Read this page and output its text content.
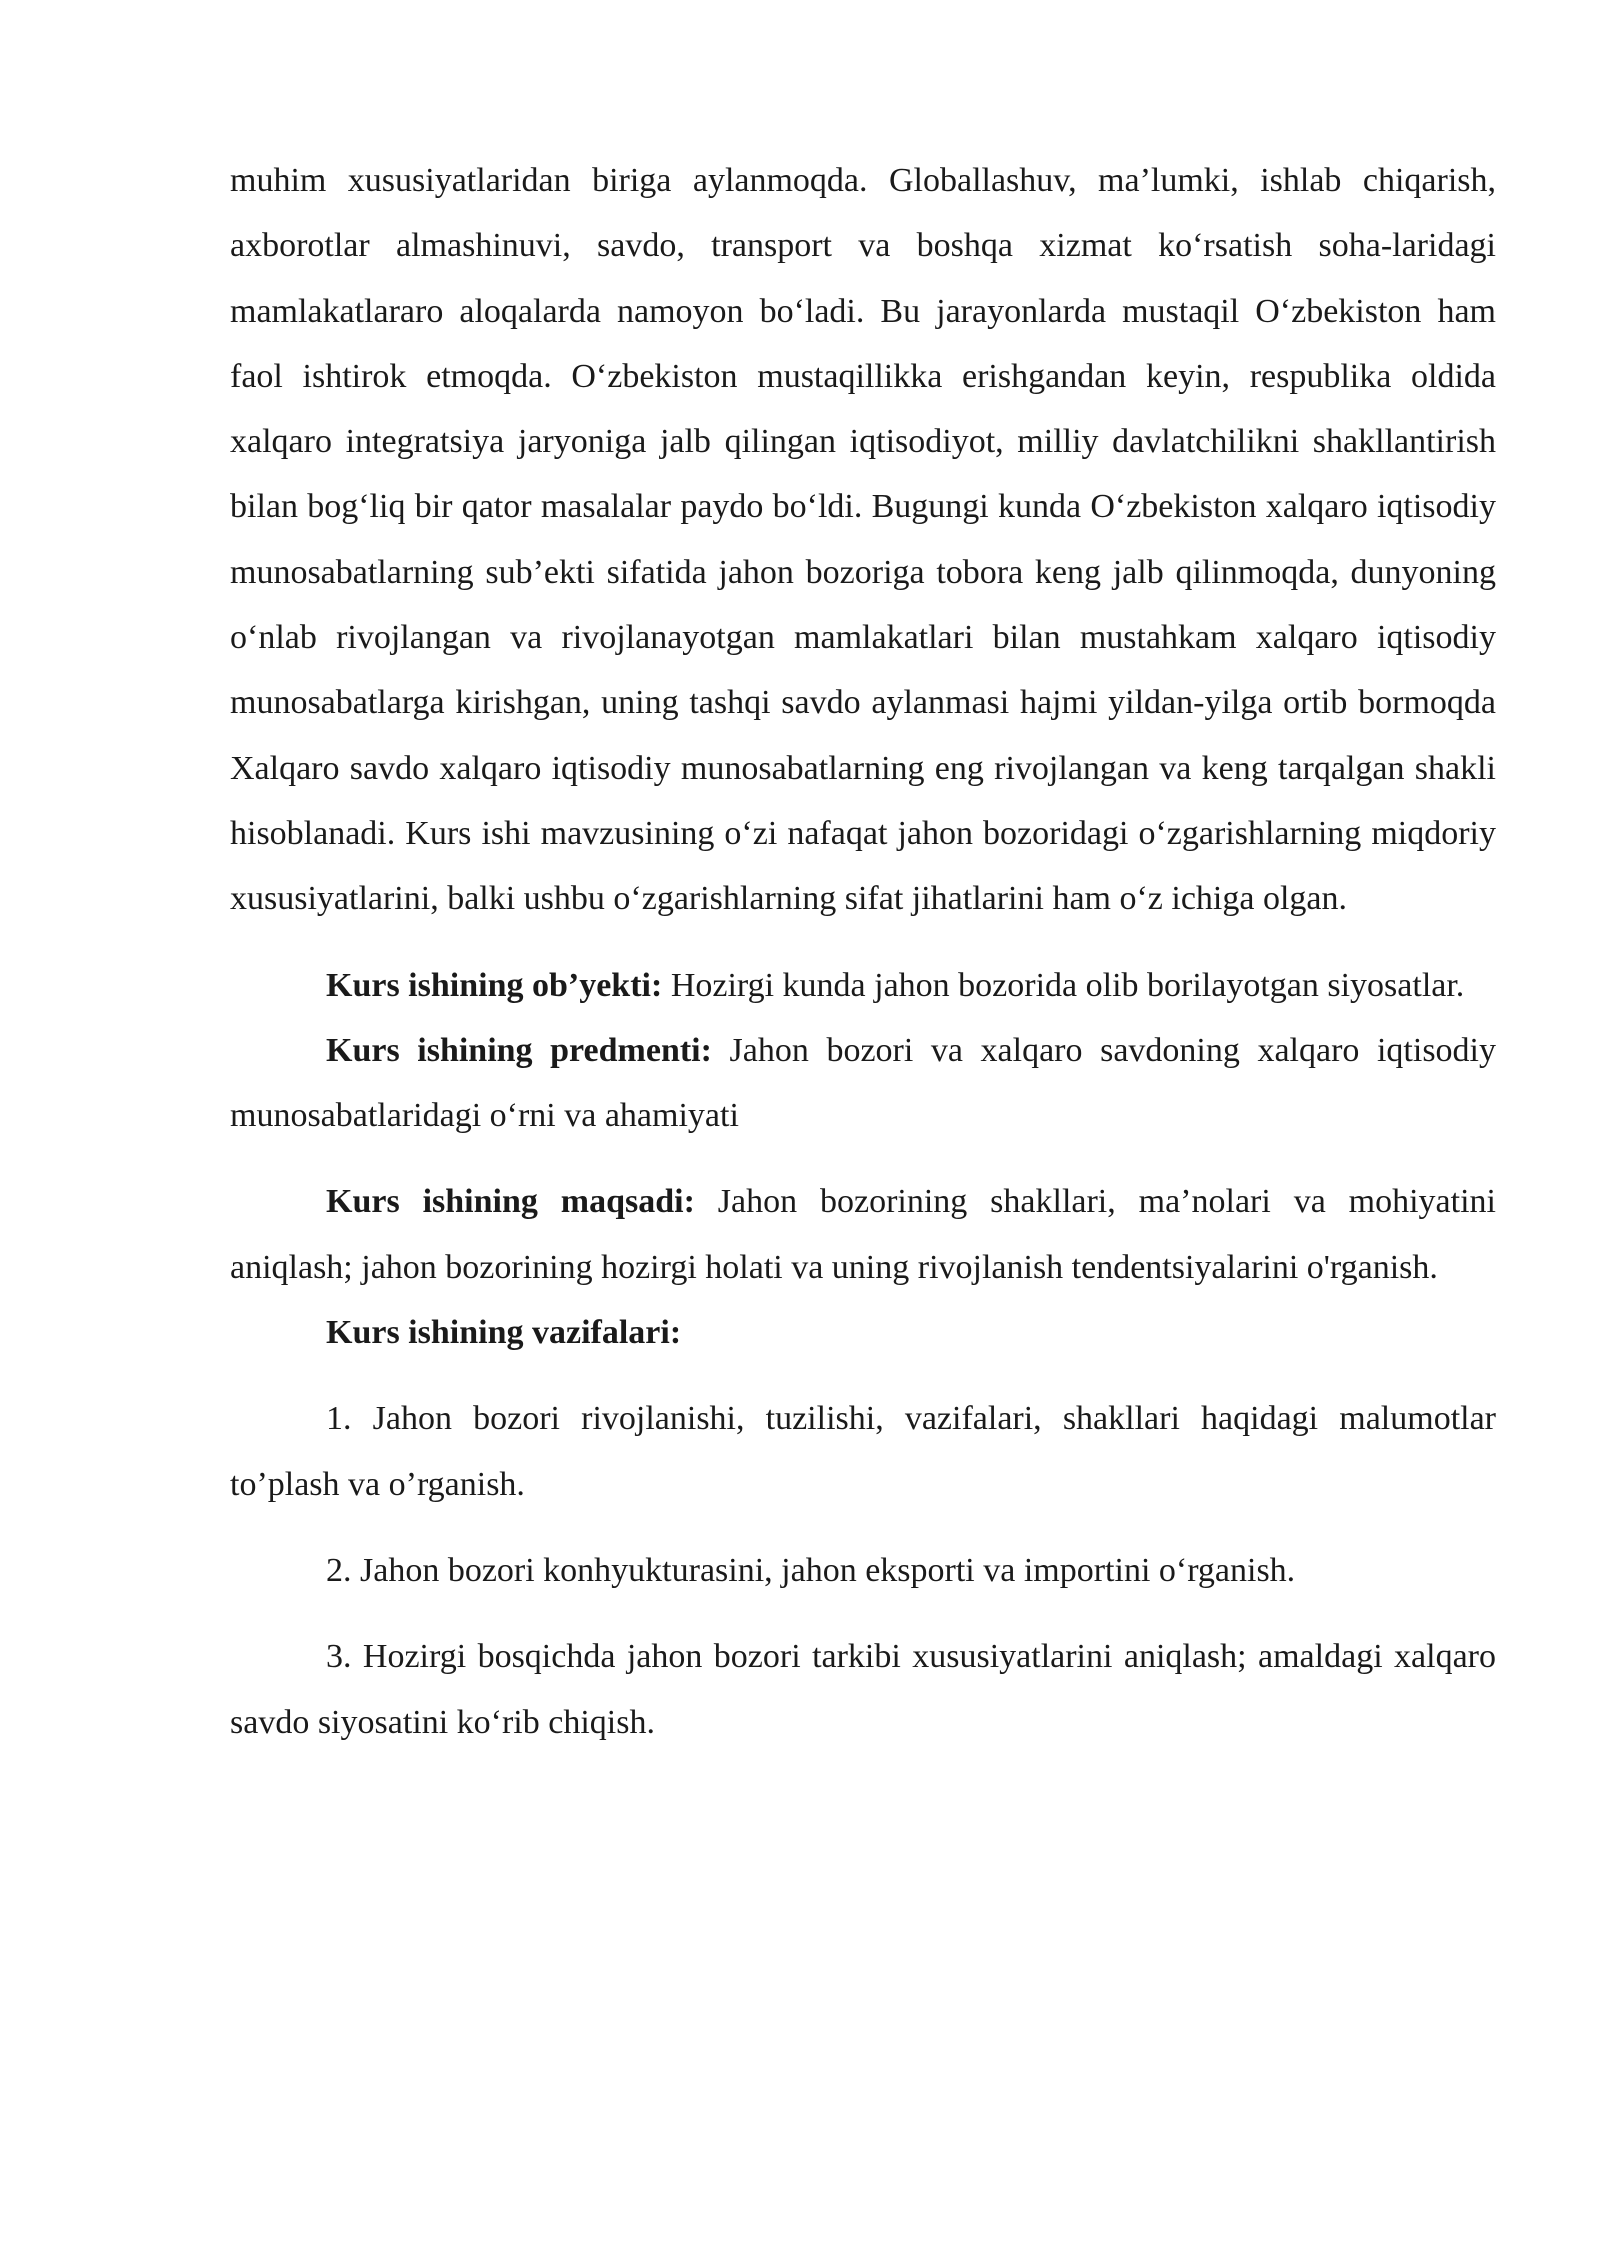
muhim xususiyatlaridan biriga aylanmoqda. Globallashuv, ma’lumki, ishlab chiqarish, axborotlar almashinuvi, savdo, transport va boshqa xizmat ko‘rsatish soha-laridagi mamlakatlararo aloqalarda namoyon bo‘ladi. Bu jarayonlarda mustaqil O‘zbekiston ham faol ishtirok etmoqda. O‘zbekiston mustaqillikka erishgandan keyin, respublika oldida xalqaro integratsiya jaryoniga jalb qilingan iqtisodiyot, milliy davlatchilikni shakllantirish bilan bog‘liq bir qator masalalar paydo bo‘ldi. Bugungi kunda O‘zbekiston xalqaro iqtisodiy munosabatlarning sub’ekti sifatida jahon bozoriga tobora keng jalb qilinmoqda, dunyoning o‘nlab rivojlangan va rivojlanayotgan mamlakatlari bilan mustahkam xalqaro iqtisodiy munosabatlarga kirishgan, uning tashqi savdo aylanmasi hajmi yildan-yilga ortib bormoqda Xalqaro savdo xalqaro iqtisodiy munosabatlarning eng rivojlangan va keng tarqalgan shakli hisoblanadi. Kurs ishi mavzusining o‘zi nafaqat jahon bozoridagi o‘zgarishlarning miqdoriy xususiyatlarini, balki ushbu o‘zgarishlarning sifat jihatlarini ham o‘z ichiga olgan.

Kurs ishining ob’yekti: Hozirgi kunda jahon bozorida olib borilayotgan siyosatlar.

Kurs ishining predmenti: Jahon bozori va xalqaro savdoning xalqaro iqtisodiy munosabatlaridagi o‘rni va ahamiyati

Kurs ishining maqsadi: Jahon bozorining shakllari, ma’nolari va mohiyatini aniqlash; jahon bozorining hozirgi holati va uning rivojlanish tendentsiyalarini o'rganish.

Kurs ishining vazifalari:

1. Jahon bozori rivojlanishi, tuzilishi, vazifalari, shakllari haqidagi malumotlar to’plash va o’rganish.

2. Jahon bozori konhyukturasini, jahon eksporti va importini o‘rganish.

3. Hozirgi bosqichda jahon bozori tarkibi xususiyatlarini aniqlash; amaldagi xalqaro savdo siyosatini ko‘rib chiqish.
